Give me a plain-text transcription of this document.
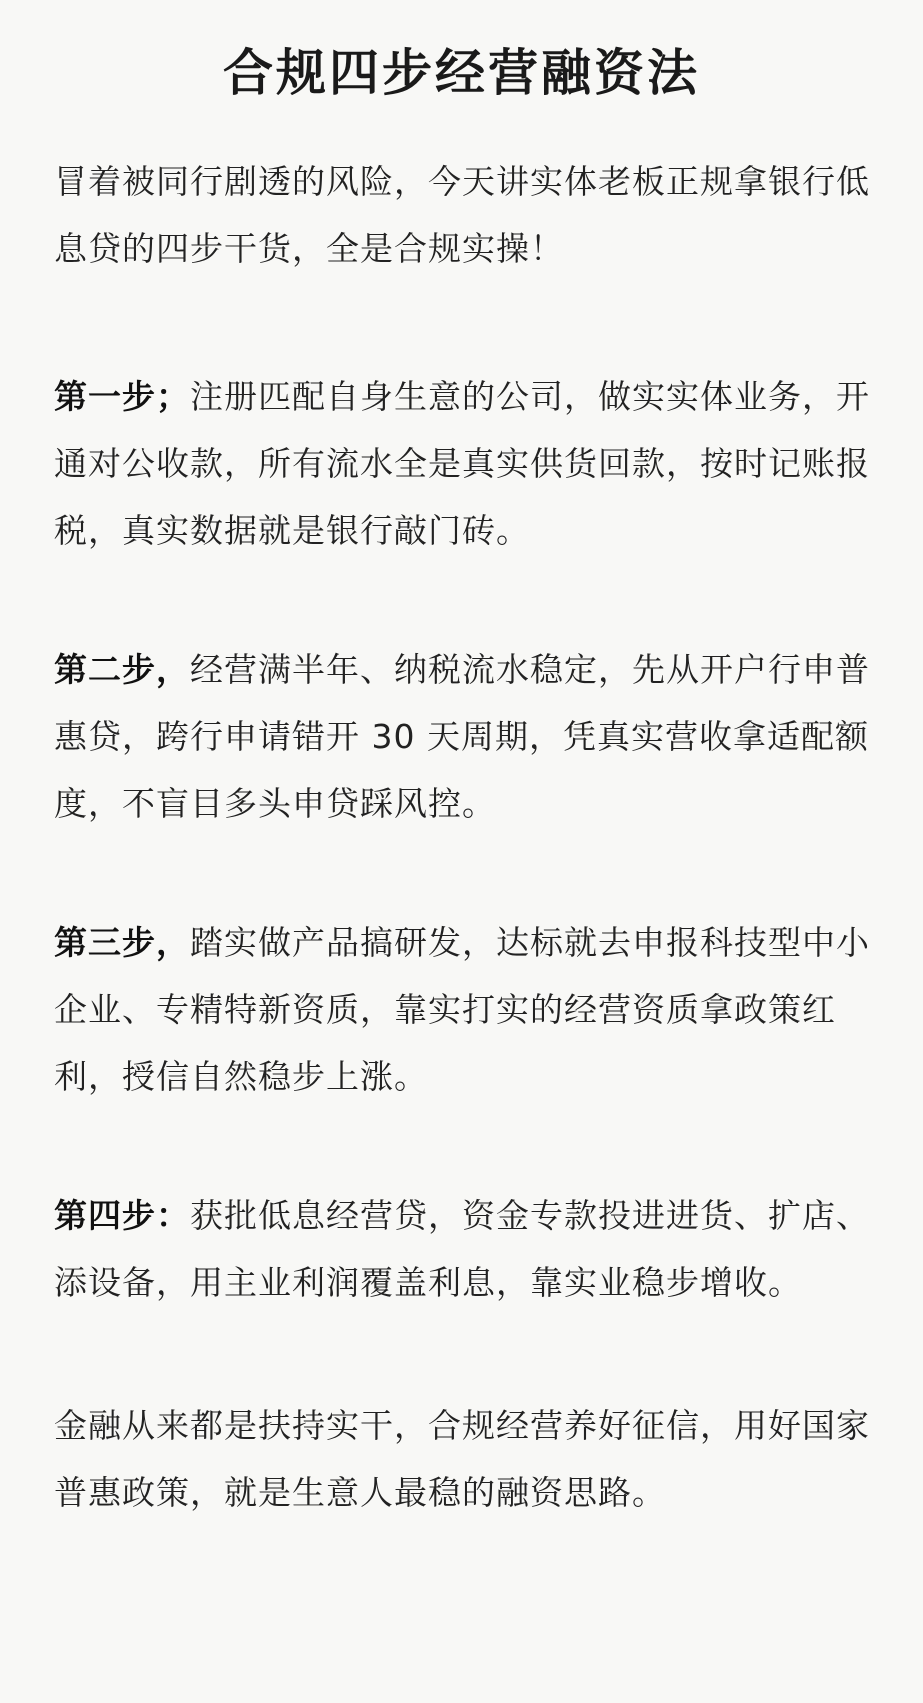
合规四步经营融资法

冒着被同行剧透的风险，今天讲实体老板正规拿银行低息贷的四步干货，全是合规实操！

第一步；注册匹配自身生意的公司，做实实体业务，开通对公收款，所有流水全是真实供货回款，按时记账报税，真实数据就是银行敲门砖。

第二步，经营满半年、纳税流水稳定，先从开户行申普惠贷，跨行申请错开 30 天周期，凭真实营收拿适配额度，不盲目多头申贷踩风控。

第三步，踏实做产品搞研发，达标就去申报科技型中小企业、专精特新资质，靠实打实的经营资质拿政策红利，授信自然稳步上涨。

第四步：获批低息经营贷，资金专款投进进货、扩店、添设备，用主业利润覆盖利息，靠实业稳步增收。

金融从来都是扶持实干，合规经营养好征信，用好国家普惠政策，就是生意人最稳的融资思路。
